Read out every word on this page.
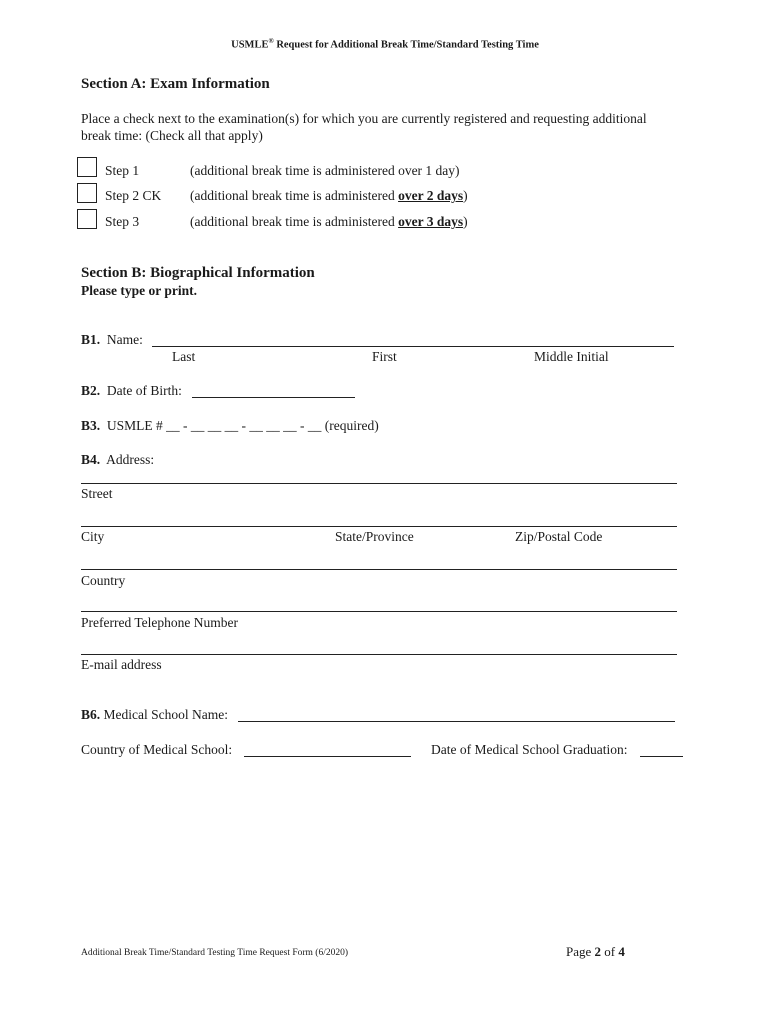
USMLE® Request for Additional Break Time/Standard Testing Time
Section A: Exam Information
Place a check next to the examination(s) for which you are currently registered and requesting additional
break time: (Check all that apply)
Step 1	(additional break time is administered over 1 day)
Step 2 CK (additional break time is administered over 2 days)
Step 3	(additional break time is administered over 3 days)
Section B: Biographical Information
Please type or print.
B1. Name:
Last	First	Middle Initial
B2. Date of Birth:
B3. USMLE # __ - __ __ __ - __ __ __ - __ (required)
B4. Address:
Street
City	State/Province	Zip/Postal Code
Country
Preferred Telephone Number
E-mail address
B6. Medical School Name:
Country of Medical School:	Date of Medical School Graduation:
Additional Break Time/Standard Testing Time Request Form (6/2020)	Page 2 of 4
